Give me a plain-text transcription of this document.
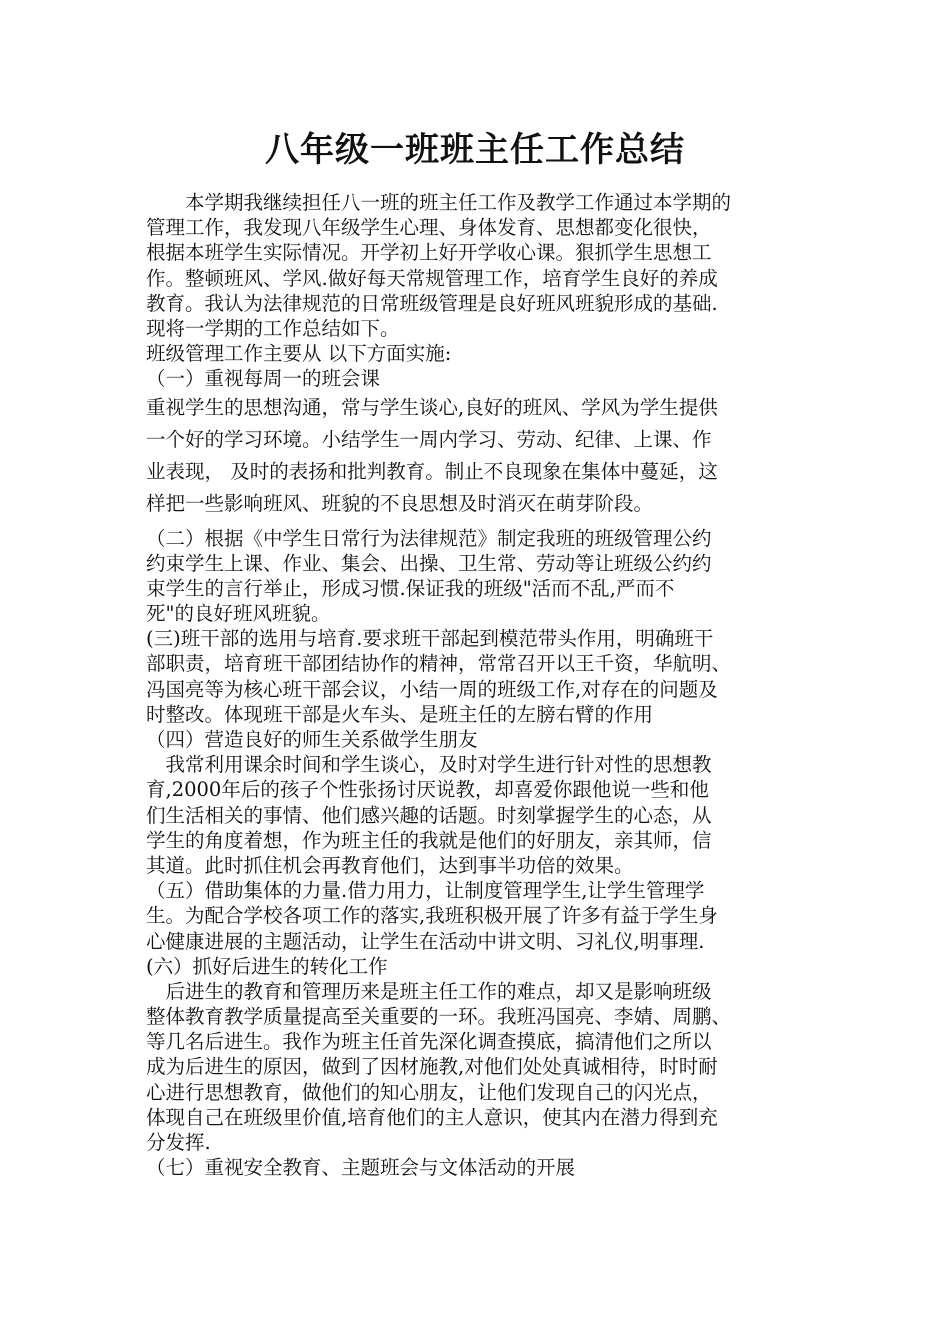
八年级一班班主任工作总结
　　本学期我继续担任八一班的班主任工作及教学工作通过本学期的
管理工作，我发现八年级学生心理、身体发育、思想都变化很快，
根据本班学生实际情况。开学初上好开学收心课。狠抓学生思想工
作。整顿班风、学风.做好每天常规管理工作，培育学生良好的养成
教育。我认为法律规范的日常班级管理是良好班风班貌形成的基础.
现将一学期的工作总结如下。
班级管理工作主要从 以下方面实施:
（一）重视每周一的班会课
重视学生的思想沟通，常与学生谈心,良好的班风、学风为学生提供
一个好的学习环境。小结学生一周内学习、劳动、纪律、上课、作
业表现， 及时的表扬和批判教育。制止不良现象在集体中蔓延，这
样把一些影响班风、班貌的不良思想及时消灭在萌芽阶段。
（二）根据《中学生日常行为法律规范》制定我班的班级管理公约
约束学生上课、作业、集会、出操、卫生常、劳动等让班级公约约
束学生的言行举止，形成习惯.保证我的班级"活而不乱,严而不
死"的良好班风班貌。
(三)班干部的选用与培育.要求班干部起到模范带头作用，明确班干
部职责，培育班干部团结协作的精神，常常召开以王千资，华航明、
冯国亮等为核心班干部会议，小结一周的班级工作,对存在的问题及
时整改。体现班干部是火车头、是班主任的左膀右臂的作用
（四）营造良好的师生关系做学生朋友
　我常利用课余时间和学生谈心，及时对学生进行针对性的思想教
育,2000年后的孩子个性张扬讨厌说教，却喜爱你跟他说一些和他
们生活相关的事情、他们感兴趣的话题。时刻掌握学生的心态，从
学生的角度着想，作为班主任的我就是他们的好朋友，亲其师，信
其道。此时抓住机会再教育他们，达到事半功倍的效果。
（五）借助集体的力量.借力用力，让制度管理学生,让学生管理学
生。为配合学校各项工作的落实,我班积极开展了许多有益于学生身
心健康进展的主题活动，让学生在活动中讲文明、习礼仪,明事理.
(六）抓好后进生的转化工作
　后进生的教育和管理历来是班主任工作的难点，却又是影响班级
整体教育教学质量提高至关重要的一环。我班冯国亮、李婧、周鹏、
等几名后进生。我作为班主任首先深化调查摸底，搞清他们之所以
成为后进生的原因，做到了因材施教,对他们处处真诚相待，时时耐
心进行思想教育，做他们的知心朋友，让他们发现自己的闪光点，
体现自己在班级里价值,培育他们的主人意识，使其内在潜力得到充
分发挥.
（七）重视安全教育、主题班会与文体活动的开展
